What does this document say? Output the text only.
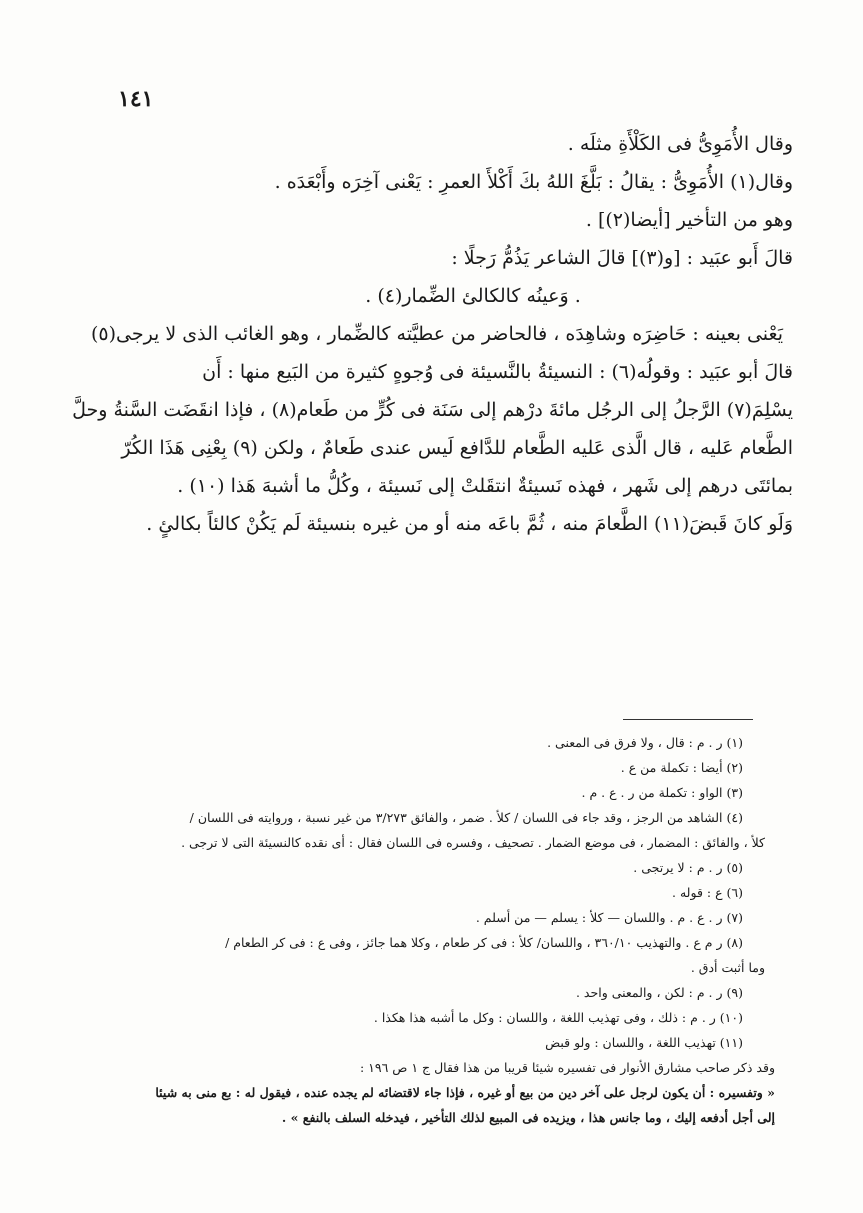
١٤١

وقال الأُمَوِىُّ فى الكَلْأَةِ مثلَه .

وقال(١) الأُمَوِىُّ : يقالُ : بَلَّغَ اللهُ بكَ أَكْلأَ العمرِ : يَعْنى آخِرَه وأَبْعَدَه .

وهو من التأخير [أيضا(٢)] .

قالَ أَبو عبَيد : [و(٣)] قالَ الشاعر يَذُمُّ رَجلًا :

. وَعينُه كالكالئ الضِّمار(٤) .

يَعْنى بعينه : حَاضِرَه وشاهِدَه ، فالحاضر من عطيَّته كالضِّمار ، وهو الغائب الذى لا يرجى(٥)

قالَ أبو عبَيد : وقولُه(٦) : النسيئةُ بالنَّسيئة فى وُجوهٍ كثيرة من البَيع منها : أَن

يسْلِمَ(٧) الرَّجلُ إلى الرجُل مائةَ درْهم إلى سَنَة فى كُرٍّ من طَعام(٨) ، فإذا انقَضَت السَّنةُ وحلَّ

الطَّعام عَليه ، قال الَّذى عَليه الطَّعام للدَّافع لَيس عندى طَعامٌ ، ولكن (٩) بِعْنِى هَذَا الكُرّ

بمائتَى درهم إلى شَهر ، فهذه نَسيئةٌ انتقَلتْ إلى نَسيئة ، وكُلُّ ما أشبهَ هَذا (١٠) .

وَلَو كانَ قَبضَ(١١) الطَّعامَ منه ، ثُمَّ باعَه منه أو من غيره بنسيئة لَم يَكُنْ كالئاً بكالئٍ .

(١) ر . م : قال ، ولا فرق فى المعنى .

(٢) أيضا : تكملة من ع .

(٣) الواو : تكملة من ر . ع . م .

(٤) الشاهد من الرجز ، وقد جاء فى اللسان / كلأ . ضمر ، والفائق ٣/٢٧٣ من غير نسبة ، وروايته فى اللسان /

كلأ ، والفائق : المضمار ، فى موضع الضمار . تصحيف ، وفسره فى اللسان فقال : أى نقده كالنسيئة التى لا ترجى .

(٥) ر . م : لا يرتجى .

(٦) ع : قوله .

(٧) ر . ع . م . واللسان — كلأ : يسلم — من أسلم .

(٨) ر م ع . والتهذيب ٣٦٠/١٠ ، واللسان/ كلأ : فى كر طعام ، وكلا هما جائز ، وفى ع : فى كر الطعام /

وما أثبت أدق .

(٩) ر . م : لكن ، والمعنى واحد .

(١٠) ر . م : ذلك ، وفى تهذيب اللغة ، واللسان : وكل ما أشبه هذا هكذا .

(١١) تهذيب اللغة ، واللسان : ولو قبض

وقد ذكر صاحب مشارق الأنوار فى تفسيره شيئا قريبا من هذا فقال ج ١ ص ١٩٦ :

« وتفسيره : أن يكون لرجل على آخر دين من بيع أو غيره ، فإذا جاء لاقتضائه لم يجده عنده ، فيقول له : بع منى به شيئا

إلى أجل أدفعه إليك ، وما جانس هذا ، ويزيده فى المبيع لذلك التأخير ، فيدخله السلف بالنفع » .
